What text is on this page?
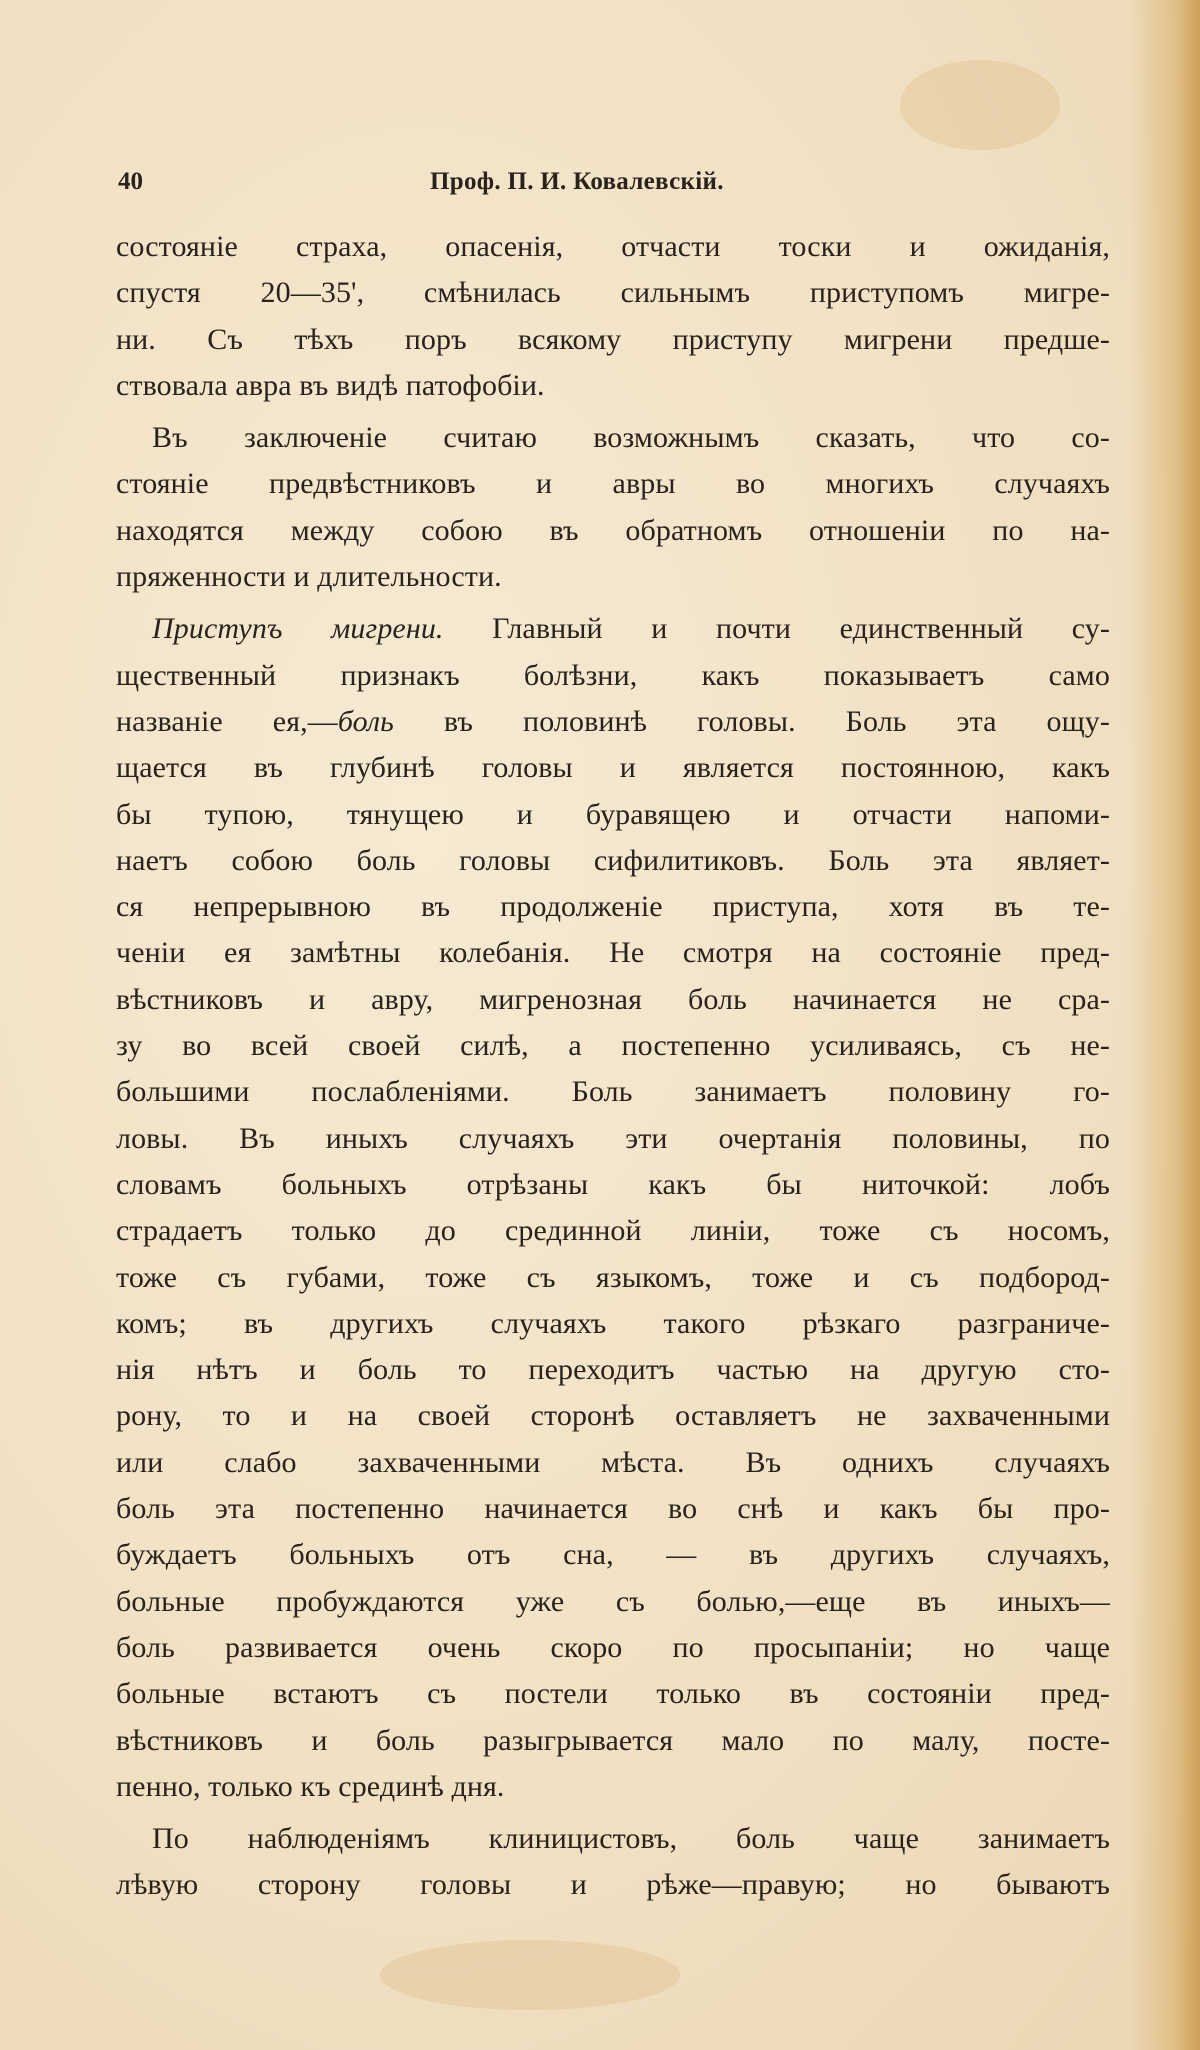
40	Проф. П. И. Ковалевскій.
состояніе страха, опасенія, отчасти тоски и ожиданія,
спустя 20—35', смѣнилась сильнымъ приступомъ мигре-
ни. Съ тѣхъ поръ всякому приступу мигрени предше-
ствовала авра въ видѣ патофобіи.
Въ заключеніе считаю возможнымъ сказать, что со-
стояніе предвѣстниковъ и авры во многихъ случаяхъ
находятся между собою въ обратномъ отношеніи по на-
пряженности и длительности.
Приступъ мигрени. Главный и почти единственный су-
щественный признакъ болѣзни, какъ показываетъ само
названіе ея,—боль въ половинѣ головы. Боль эта ощу-
щается въ глубинѣ головы и является постоянною, какъ
бы тупою, тянущею и буравящею и отчасти напоми-
наетъ собою боль головы сифилитиковъ. Боль эта являет-
ся непрерывною въ продолженіе приступа, хотя въ те-
ченіи ея замѣтны колебанія. Не смотря на состояніе пред-
вѣстниковъ и авру, мигренозная боль начинается не сра-
зу во всей своей силѣ, а постепенно усиливаясь, съ не-
большими послабленіями. Боль занимаетъ половину го-
ловы. Въ иныхъ случаяхъ эти очертанія половины, по
словамъ больныхъ отрѣзаны какъ бы ниточкой: лобъ
страдаетъ только до срединной линіи, тоже съ носомъ,
тоже съ губами, тоже съ языкомъ, тоже и съ подбород-
комъ; въ другихъ случаяхъ такого рѣзкаго разграниче-
нія нѣтъ и боль то переходитъ частью на другую сто-
рону, то и на своей сторонѣ оставляетъ не захваченными
или слабо захваченными мѣста. Въ однихъ случаяхъ
боль эта постепенно начинается во снѣ и какъ бы про-
буждаетъ больныхъ отъ сна, — въ другихъ случаяхъ,
больные пробуждаются уже съ болью,—еще въ иныхъ—
боль развивается очень скоро по просыпаніи; но чаще
больные встаютъ съ постели только въ состояніи пред-
вѣстниковъ и боль разыгрывается мало по малу, посте-
пенно, только къ срединѣ дня.
По наблюденіямъ клиницистовъ, боль чаще занимаетъ
лѣвую сторону головы и рѣже—правую; но бываютъ
